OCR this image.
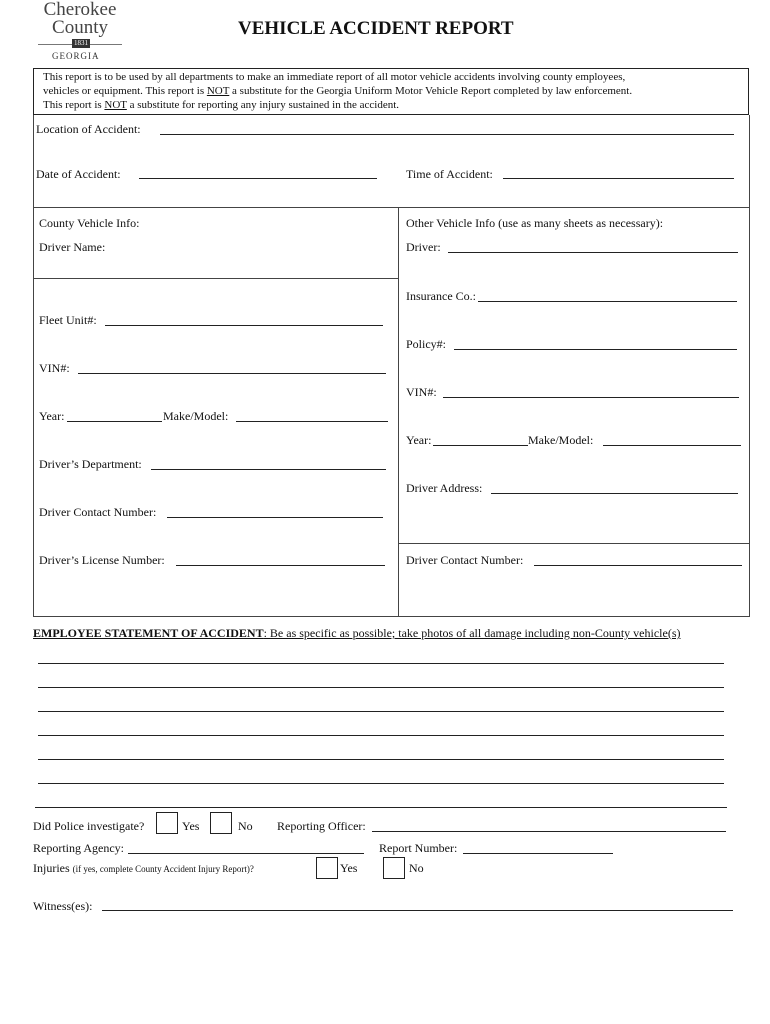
Cherokee
County
1831
GEORGIA
VEHICLE ACCIDENT REPORT
This report is to be used by all departments to make an immediate report of all motor vehicle accidents involving county employees,
vehicles or equipment. This report is NOT a substitute for the Georgia Uniform Motor Vehicle Report completed by law enforcement.
This report is NOT a substitute for reporting any injury sustained in the accident.
Location of Accident:
Date of Accident:	Time of Accident:
County Vehicle Info:
Driver Name:
Fleet Unit#:
VIN#:
Year:	Make/Model:
Driver’s Department:
Driver Contact Number:
Driver’s License Number:
Other Vehicle Info (use as many sheets as necessary):
Driver:
Insurance Co.:
Policy#:
VIN#:
Year:	Make/Model:
Driver Address:
Driver Contact Number:
EMPLOYEE STATEMENT OF ACCIDENT: Be as specific as possible; take photos of all damage including non-County vehicle(s)
Did Police investigate?	Yes	No Reporting Officer:
Reporting Agency:	Report Number:
Injuries (if yes, complete County Accident Injury Report)?	Yes	No
Witness(es):
